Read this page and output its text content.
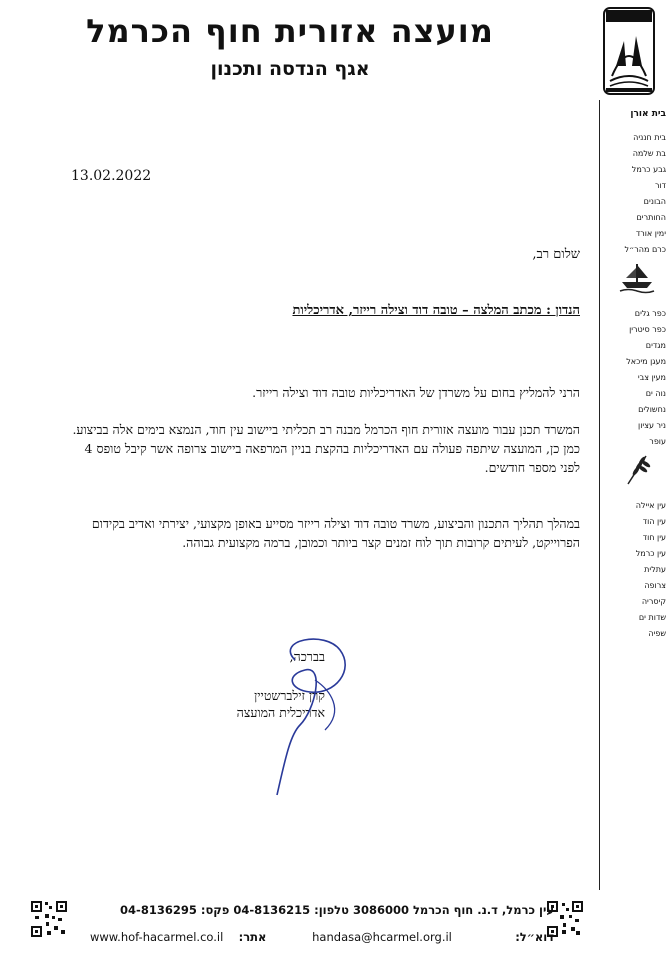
מועצה אזורית חוף הכרמל
אגף הנדסה ותכנון
בית אורן
בית חנניה
בת שלמה
גבע כרמל
דור
הבונים
החותרים
ימין אורד
כרם מהר״ל
כפר גלים
כפר סיטרין
מגדים
מעגן מיכאל
מעין צבי
נוה ים
נחשולים
ניר עציון
עופר
עין איילה
עין הוד
עין חוד
עין כרמל
עתלית
צרופה
קיסריה
שדות ים
שפיה
13.02.2022
שלום רב,
הנדון : מכתב המלצה – טובה דוד וצילה רייזר, אדריכליות
הרני להמליץ בחום על משרדן של האדריכליות טובה דוד וצילה רייזר.
המשרד תכנן עבור מועצה אזורית חוף הכרמל מבנה רב תכליתי ביישוב עין חוד, הנמצא בימים אלה בביצוע. כמן כן, המועצה שיתפה פעולה עם האדריכליות בהקצת בניין המרפאה ביישוב צרופה אשר קיבל טופס 4 לפני מספר חודשים.
במהלך תהליך התכנון והביצוע, משרד טובה דוד וצילה רייזר מסייע באופן מקצועי, יצירתי ואדיב בקידום הפרוייקט, לעיתים קרובות תוך לוח זמנים קצר ביותר וכמובן, ברמה מקצועית גבוהה.
בברכה,
קרן זילברשטיין
אדריכלית המועצה
עין כרמל, ד.נ. חוף הכרמל 3086000 טלפון: 04-8136215 פקס: 04-8136295
דוא״ל:  handasa@hcarmel.org.il
אתר:  www.hof-hacarmel.co.il
